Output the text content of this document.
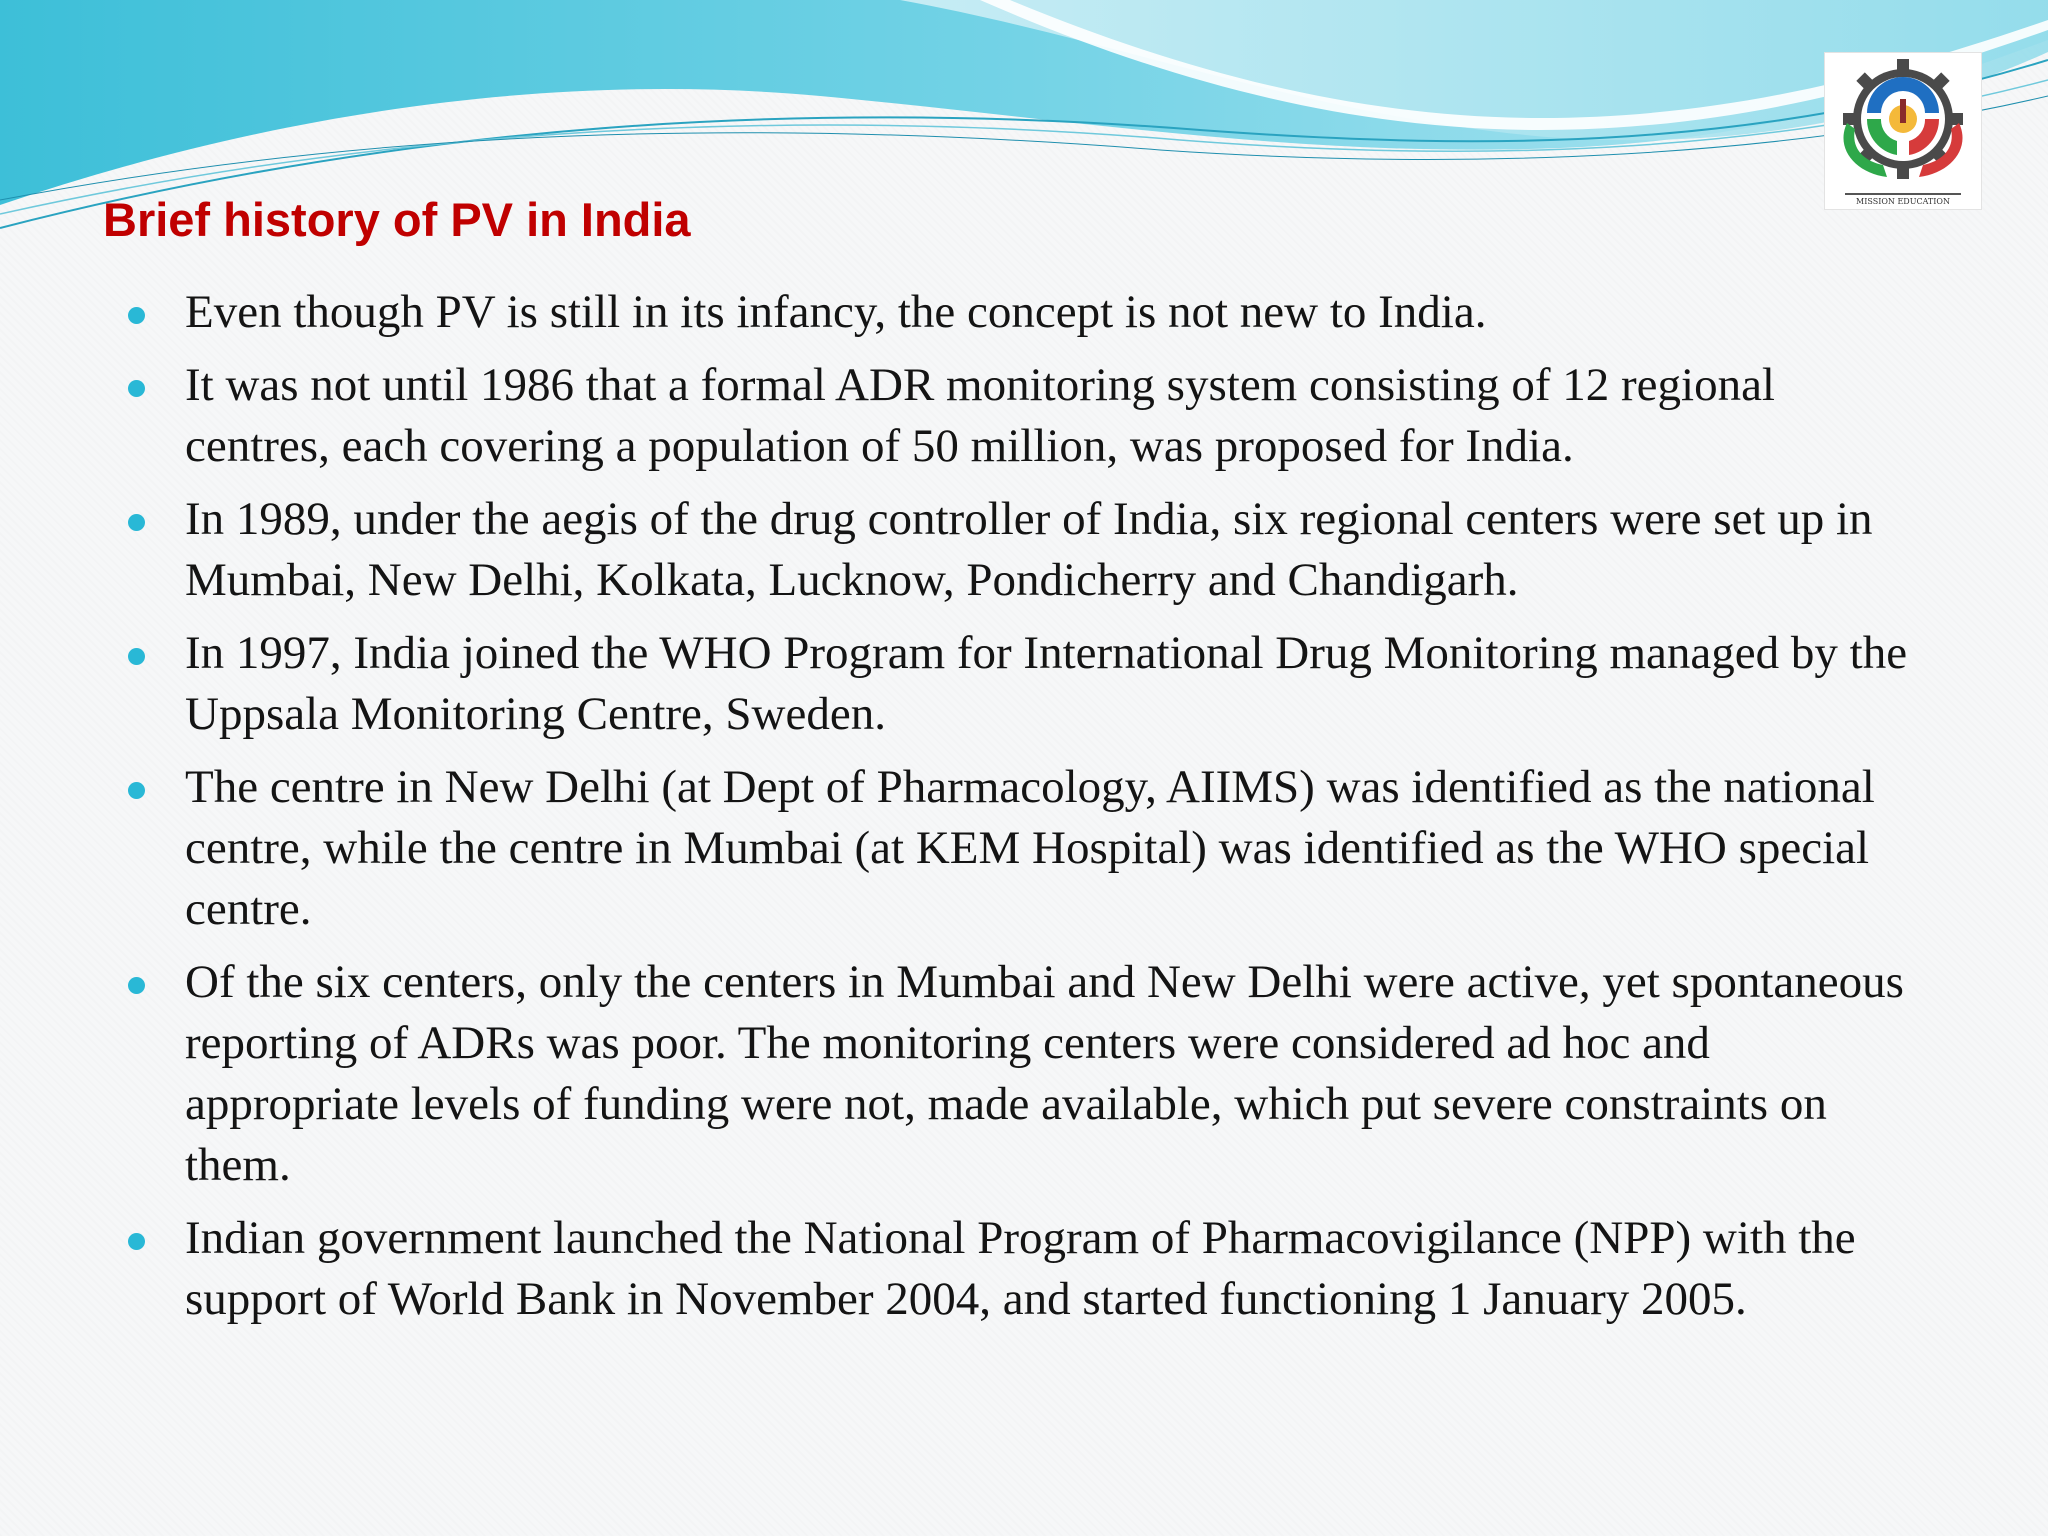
MISSION EDUCATION
Brief history of PV in India
Even though PV is still in its infancy, the concept is not new to India.
It was not until 1986 that a formal ADR monitoring system consisting of 12 regional centres, each covering a population of 50 million, was proposed for India.
In 1989, under the aegis of the drug controller of India, six regional centers were set up in Mumbai, New Delhi, Kolkata, Lucknow, Pondicherry and Chandigarh.
In 1997, India joined the WHO Program for International Drug Monitoring managed by the Uppsala Monitoring Centre, Sweden.
The centre in New Delhi (at Dept of Pharmacology, AIIMS) was identified as the national centre, while the centre in Mumbai (at KEM Hospital) was identified as the WHO special centre.
Of the six centers, only the centers in Mumbai and New Delhi were active, yet spontaneous reporting of ADRs was poor. The monitoring centers were considered ad hoc and appropriate levels of funding were not, made available, which put severe constraints on them.
Indian government launched the National Program of Pharmacovigilance (NPP) with the support of World Bank in November 2004, and started functioning 1 January 2005.
